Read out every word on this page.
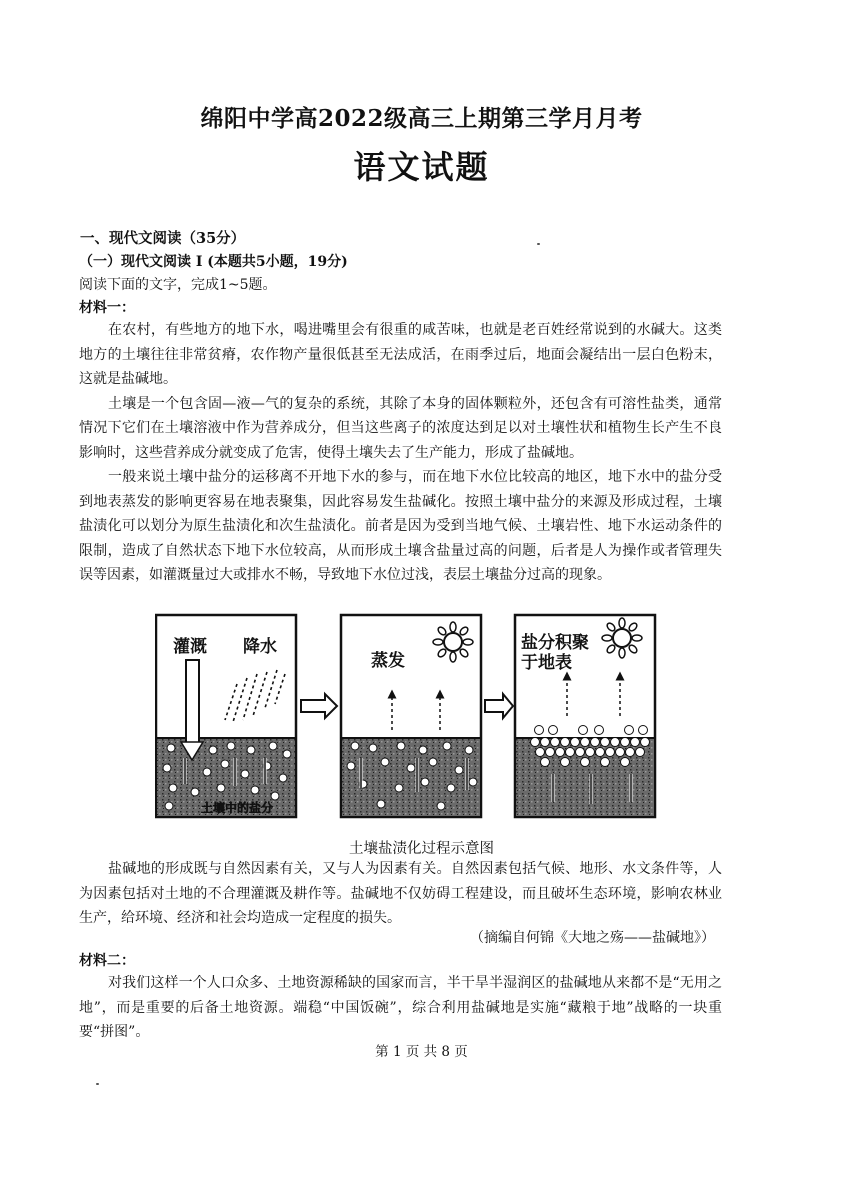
绵阳中学高2022级高三上期第三学月月考
语文试题
一、现代文阅读（35分）
（一）现代文阅读 I (本题共5小题，19分)
阅读下面的文字，完成1~5题。
材料一：

在农村，有些地方的地下水，喝进嘴里会有很重的咸苦味，也就是老百姓经常说到的水碱大。这类地方的土壤往往非常贫瘠，农作物产量很低甚至无法成活，在雨季过后，地面会凝结出一层白色粉末，这就是盐碱地。

土壤是一个包含固—液—气的复杂的系统，其除了本身的固体颗粒外，还包含有可溶性盐类，通常情况下它们在土壤溶液中作为营养成分，但当这些离子的浓度达到足以对土壤性状和植物生长产生不良影响时，这些营养成分就变成了危害，使得土壤失去了生产能力，形成了盐碱地。

一般来说土壤中盐分的运移离不开地下水的参与，而在地下水位比较高的地区，地下水中的盐分受到地表蒸发的影响更容易在地表聚集，因此容易发生盐碱化。按照土壤中盐分的来源及形成过程，土壤盐渍化可以划分为原生盐渍化和次生盐渍化。前者是因为受到当地气候、土壤岩性、地下水运动条件的限制，造成了自然状态下地下水位较高，从而形成土壤含盐量过高的问题，后者是人为操作或者管理失误等因素，如灌溉量过大或排水不畅，导致地下水位过浅，表层土壤盐分过高的现象。

灌溉 降水
蒸发
盐分积聚
于地表
土壤中的盐分
土壤盐渍化过程示意图

盐碱地的形成既与自然因素有关，又与人为因素有关。自然因素包括气候、地形、水文条件等，人为因素包括对土地的不合理灌溉及耕作等。盐碱地不仅妨碍工程建设，而且破坏生态环境，影响农林业生产，给环境、经济和社会均造成一定程度的损失。

（摘编自何锦《大地之殇——盐碱地》）
材料二：

对我们这样一个人口众多、土地资源稀缺的国家而言，半干旱半湿润区的盐碱地从来都不是“无用之地”，而是重要的后备土地资源。端稳“中国饭碗”，综合利用盐碱地是实施“藏粮于地”战略的一块重要“拼图”。

第 1 页 共 8 页
